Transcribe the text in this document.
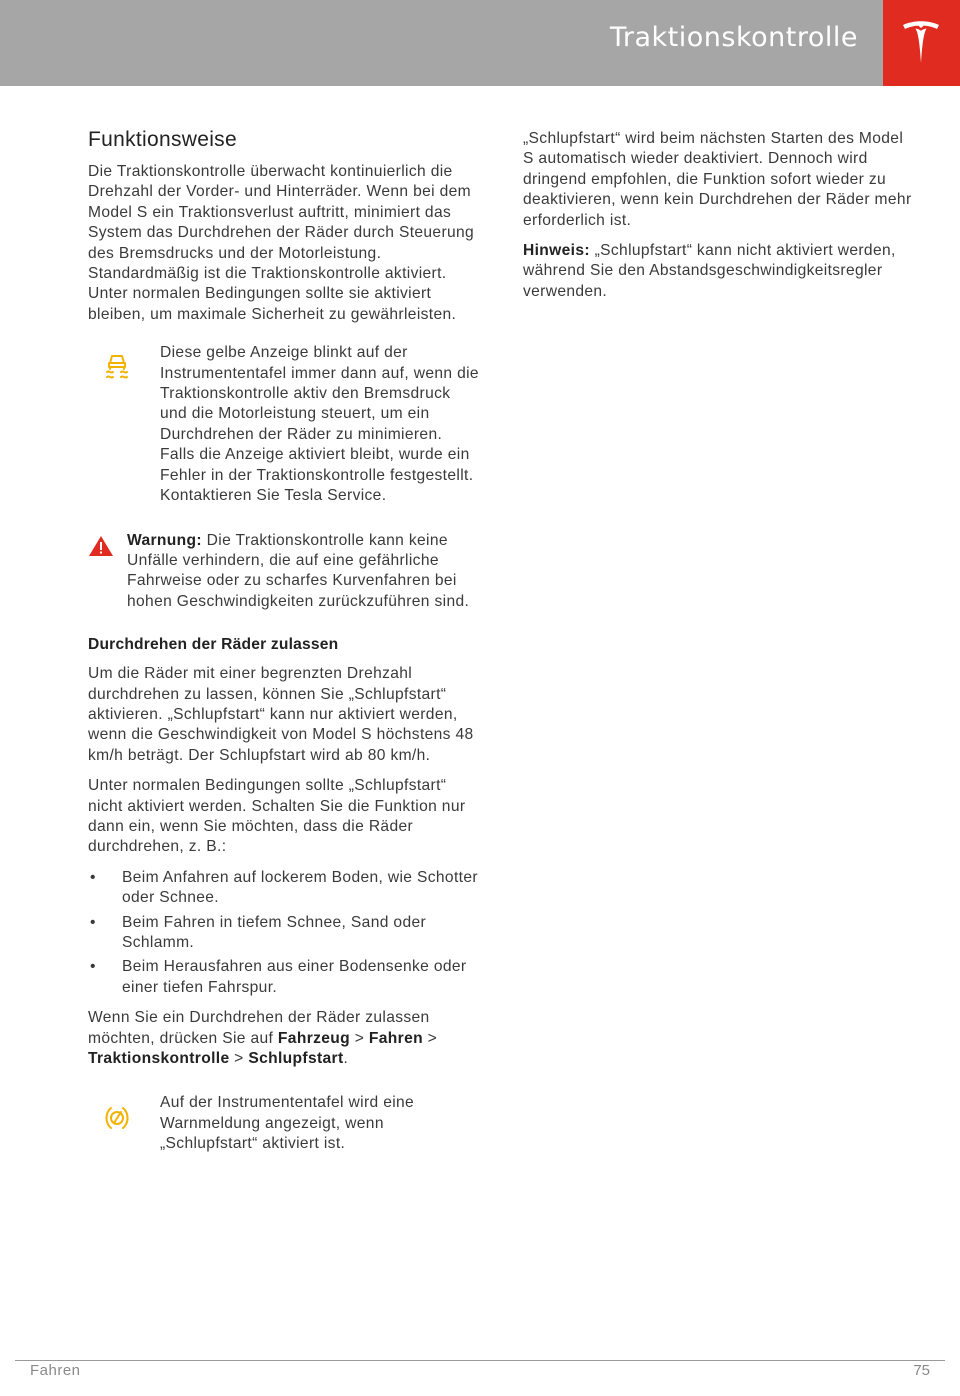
Traktionskontrolle
Funktionsweise

Die Traktionskontrolle überwacht kontinuierlich die Drehzahl der Vorder- und Hinterräder. Wenn bei dem Model S ein Traktionsverlust auftritt, minimiert das System das Durchdrehen der Räder durch Steuerung des Bremsdrucks und der Motorleistung. Standardmäßig ist die Traktionskontrolle aktiviert. Unter normalen Bedingungen sollte sie aktiviert bleiben, um maximale Sicherheit zu gewährleisten.

Diese gelbe Anzeige blinkt auf der Instrumententafel immer dann auf, wenn die Traktionskontrolle aktiv den Bremsdruck und die Motorleistung steuert, um ein Durchdrehen der Räder zu minimieren. Falls die Anzeige aktiviert bleibt, wurde ein Fehler in der Traktionskontrolle festgestellt. Kontaktieren Sie Tesla Service.

Warnung: Die Traktionskontrolle kann keine Unfälle verhindern, die auf eine gefährliche Fahrweise oder zu scharfes Kurvenfahren bei hohen Geschwindigkeiten zurückzuführen sind.

Durchdrehen der Räder zulassen

Um die Räder mit einer begrenzten Drehzahl durchdrehen zu lassen, können Sie „Schlupfstart“ aktivieren. „Schlupfstart“ kann nur aktiviert werden, wenn die Geschwindigkeit von Model S höchstens 48 km/h beträgt. Der Schlupfstart wird ab 80 km/h.

Unter normalen Bedingungen sollte „Schlupfstart“ nicht aktiviert werden. Schalten Sie die Funktion nur dann ein, wenn Sie möchten, dass die Räder durchdrehen, z. B.:

• Beim Anfahren auf lockerem Boden, wie Schotter oder Schnee.
• Beim Fahren in tiefem Schnee, Sand oder Schlamm.
• Beim Herausfahren aus einer Bodensenke oder einer tiefen Fahrspur.

Wenn Sie ein Durchdrehen der Räder zulassen möchten, drücken Sie auf Fahrzeug > Fahren > Traktionskontrolle > Schlupfstart.

Auf der Instrumententafel wird eine Warnmeldung angezeigt, wenn „Schlupfstart“ aktiviert ist.

„Schlupfstart“ wird beim nächsten Starten des Model S automatisch wieder deaktiviert. Dennoch wird dringend empfohlen, die Funktion sofort wieder zu deaktivieren, wenn kein Durchdrehen der Räder mehr erforderlich ist.

Hinweis: „Schlupfstart“ kann nicht aktiviert werden, während Sie den Abstandsgeschwindigkeitsregler verwenden.

Fahren	75
